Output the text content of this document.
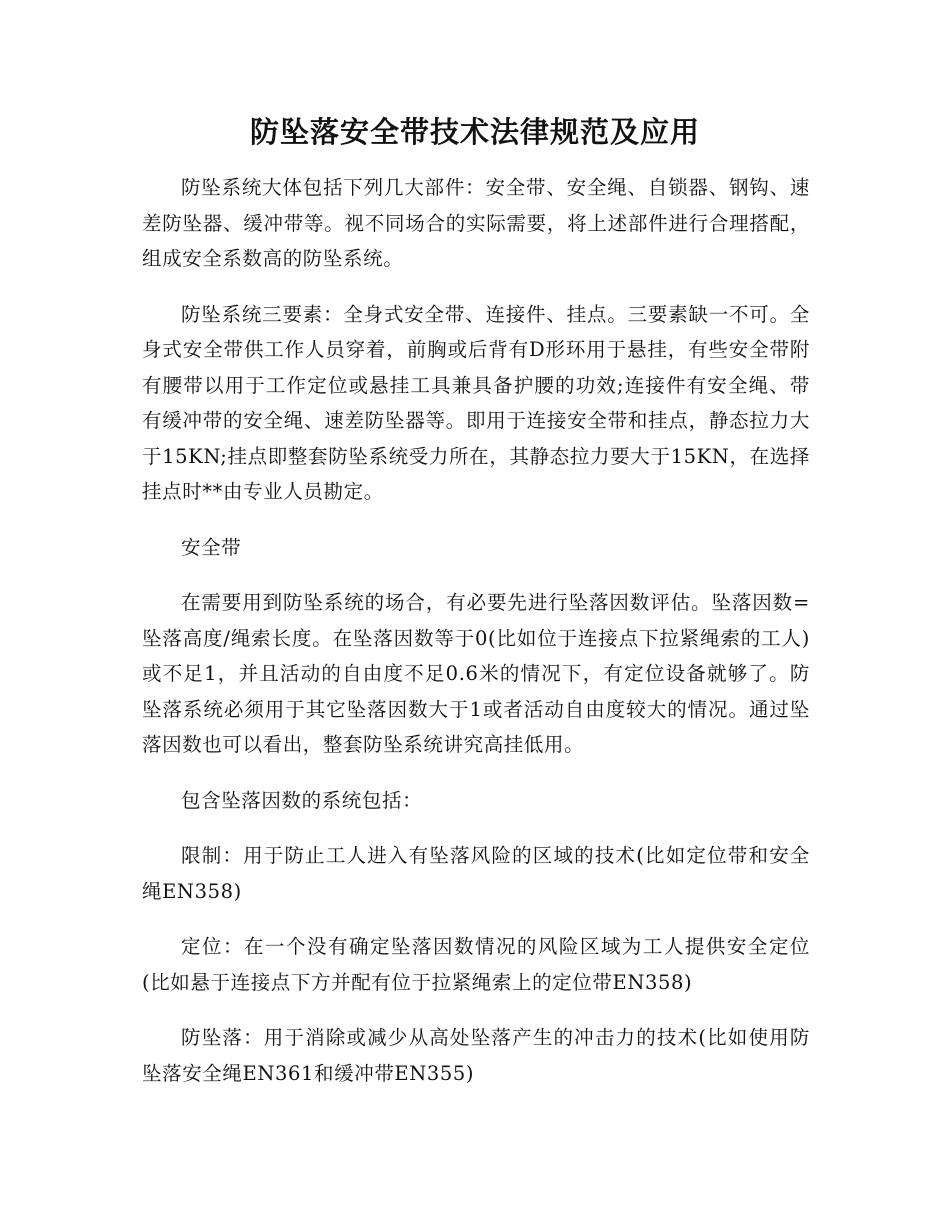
防坠落安全带技术法律规范及应用

防坠系统大体包括下列几大部件：安全带、安全绳、自锁器、钢钩、速差防坠器、缓冲带等。视不同场合的实际需要，将上述部件进行合理搭配，组成安全系数高的防坠系统。

防坠系统三要素：全身式安全带、连接件、挂点。三要素缺一不可。全身式安全带供工作人员穿着，前胸或后背有D形环用于悬挂，有些安全带附有腰带以用于工作定位或悬挂工具兼具备护腰的功效;连接件有安全绳、带有缓冲带的安全绳、速差防坠器等。即用于连接安全带和挂点，静态拉力大于15KN;挂点即整套防坠系统受力所在，其静态拉力要大于15KN，在选择挂点时**由专业人员勘定。

安全带

在需要用到防坠系统的场合，有必要先进行坠落因数评估。坠落因数=坠落高度/绳索长度。在坠落因数等于0(比如位于连接点下拉紧绳索的工人)或不足1，并且活动的自由度不足0.6米的情况下，有定位设备就够了。防坠落系统必须用于其它坠落因数大于1或者活动自由度较大的情况。通过坠落因数也可以看出，整套防坠系统讲究高挂低用。

包含坠落因数的系统包括：

限制：用于防止工人进入有坠落风险的区域的技术(比如定位带和安全绳EN358)

定位：在一个没有确定坠落因数情况的风险区域为工人提供安全定位(比如悬于连接点下方并配有位于拉紧绳索上的定位带EN358)

防坠落：用于消除或减少从高处坠落产生的冲击力的技术(比如使用防坠落安全绳EN361和缓冲带EN355)
